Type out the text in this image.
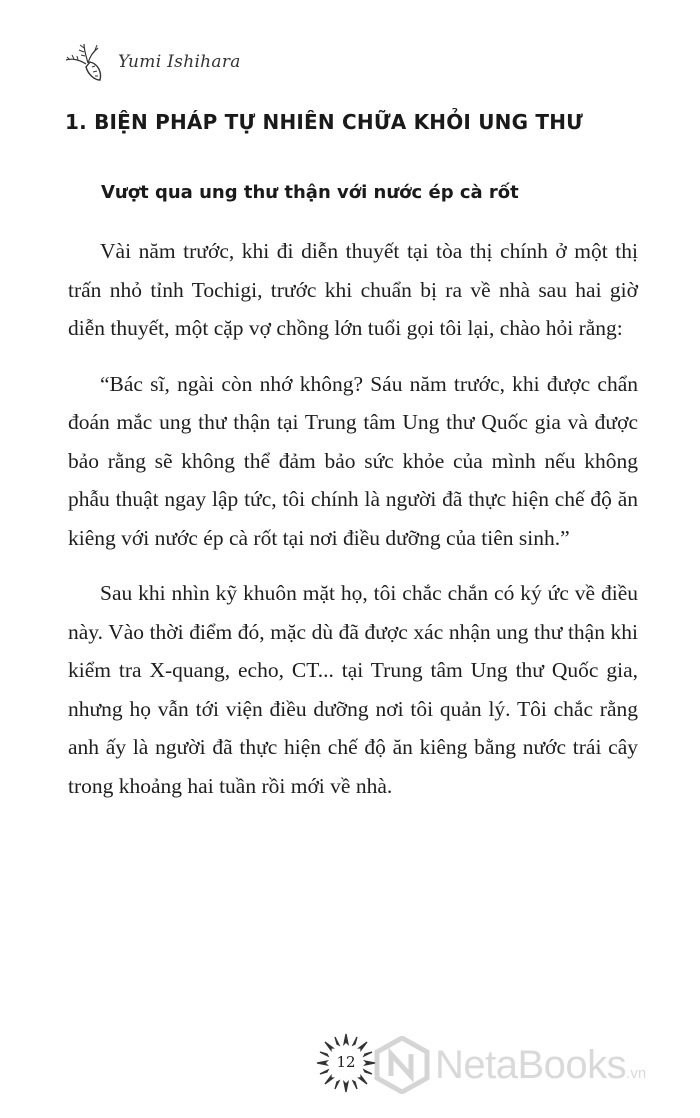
Yumi Ishihara
1. BIỆN PHÁP TỰ NHIÊN CHỮA KHỎI UNG THƯ
Vượt qua ung thư thận với nước ép cà rốt

Vài năm trước, khi đi diễn thuyết tại tòa thị chính ở một thị trấn nhỏ tỉnh Tochigi, trước khi chuẩn bị ra về nhà sau hai giờ diễn thuyết, một cặp vợ chồng lớn tuổi gọi tôi lại, chào hỏi rằng:

“Bác sĩ, ngài còn nhớ không? Sáu năm trước, khi được chẩn đoán mắc ung thư thận tại Trung tâm Ung thư Quốc gia và được bảo rằng sẽ không thể đảm bảo sức khỏe của mình nếu không phẫu thuật ngay lập tức, tôi chính là người đã thực hiện chế độ ăn kiêng với nước ép cà rốt tại nơi điều dưỡng của tiên sinh.”

Sau khi nhìn kỹ khuôn mặt họ, tôi chắc chắn có ký ức về điều này. Vào thời điểm đó, mặc dù đã được xác nhận ung thư thận khi kiểm tra X-quang, echo, CT... tại Trung tâm Ung thư Quốc gia, nhưng họ vẫn tới viện điều dưỡng nơi tôi quản lý. Tôi chắc rằng anh ấy là người đã thực hiện chế độ ăn kiêng bằng nước trái cây trong khoảng hai tuần rồi mới về nhà.

12	NetaBooks.vn
